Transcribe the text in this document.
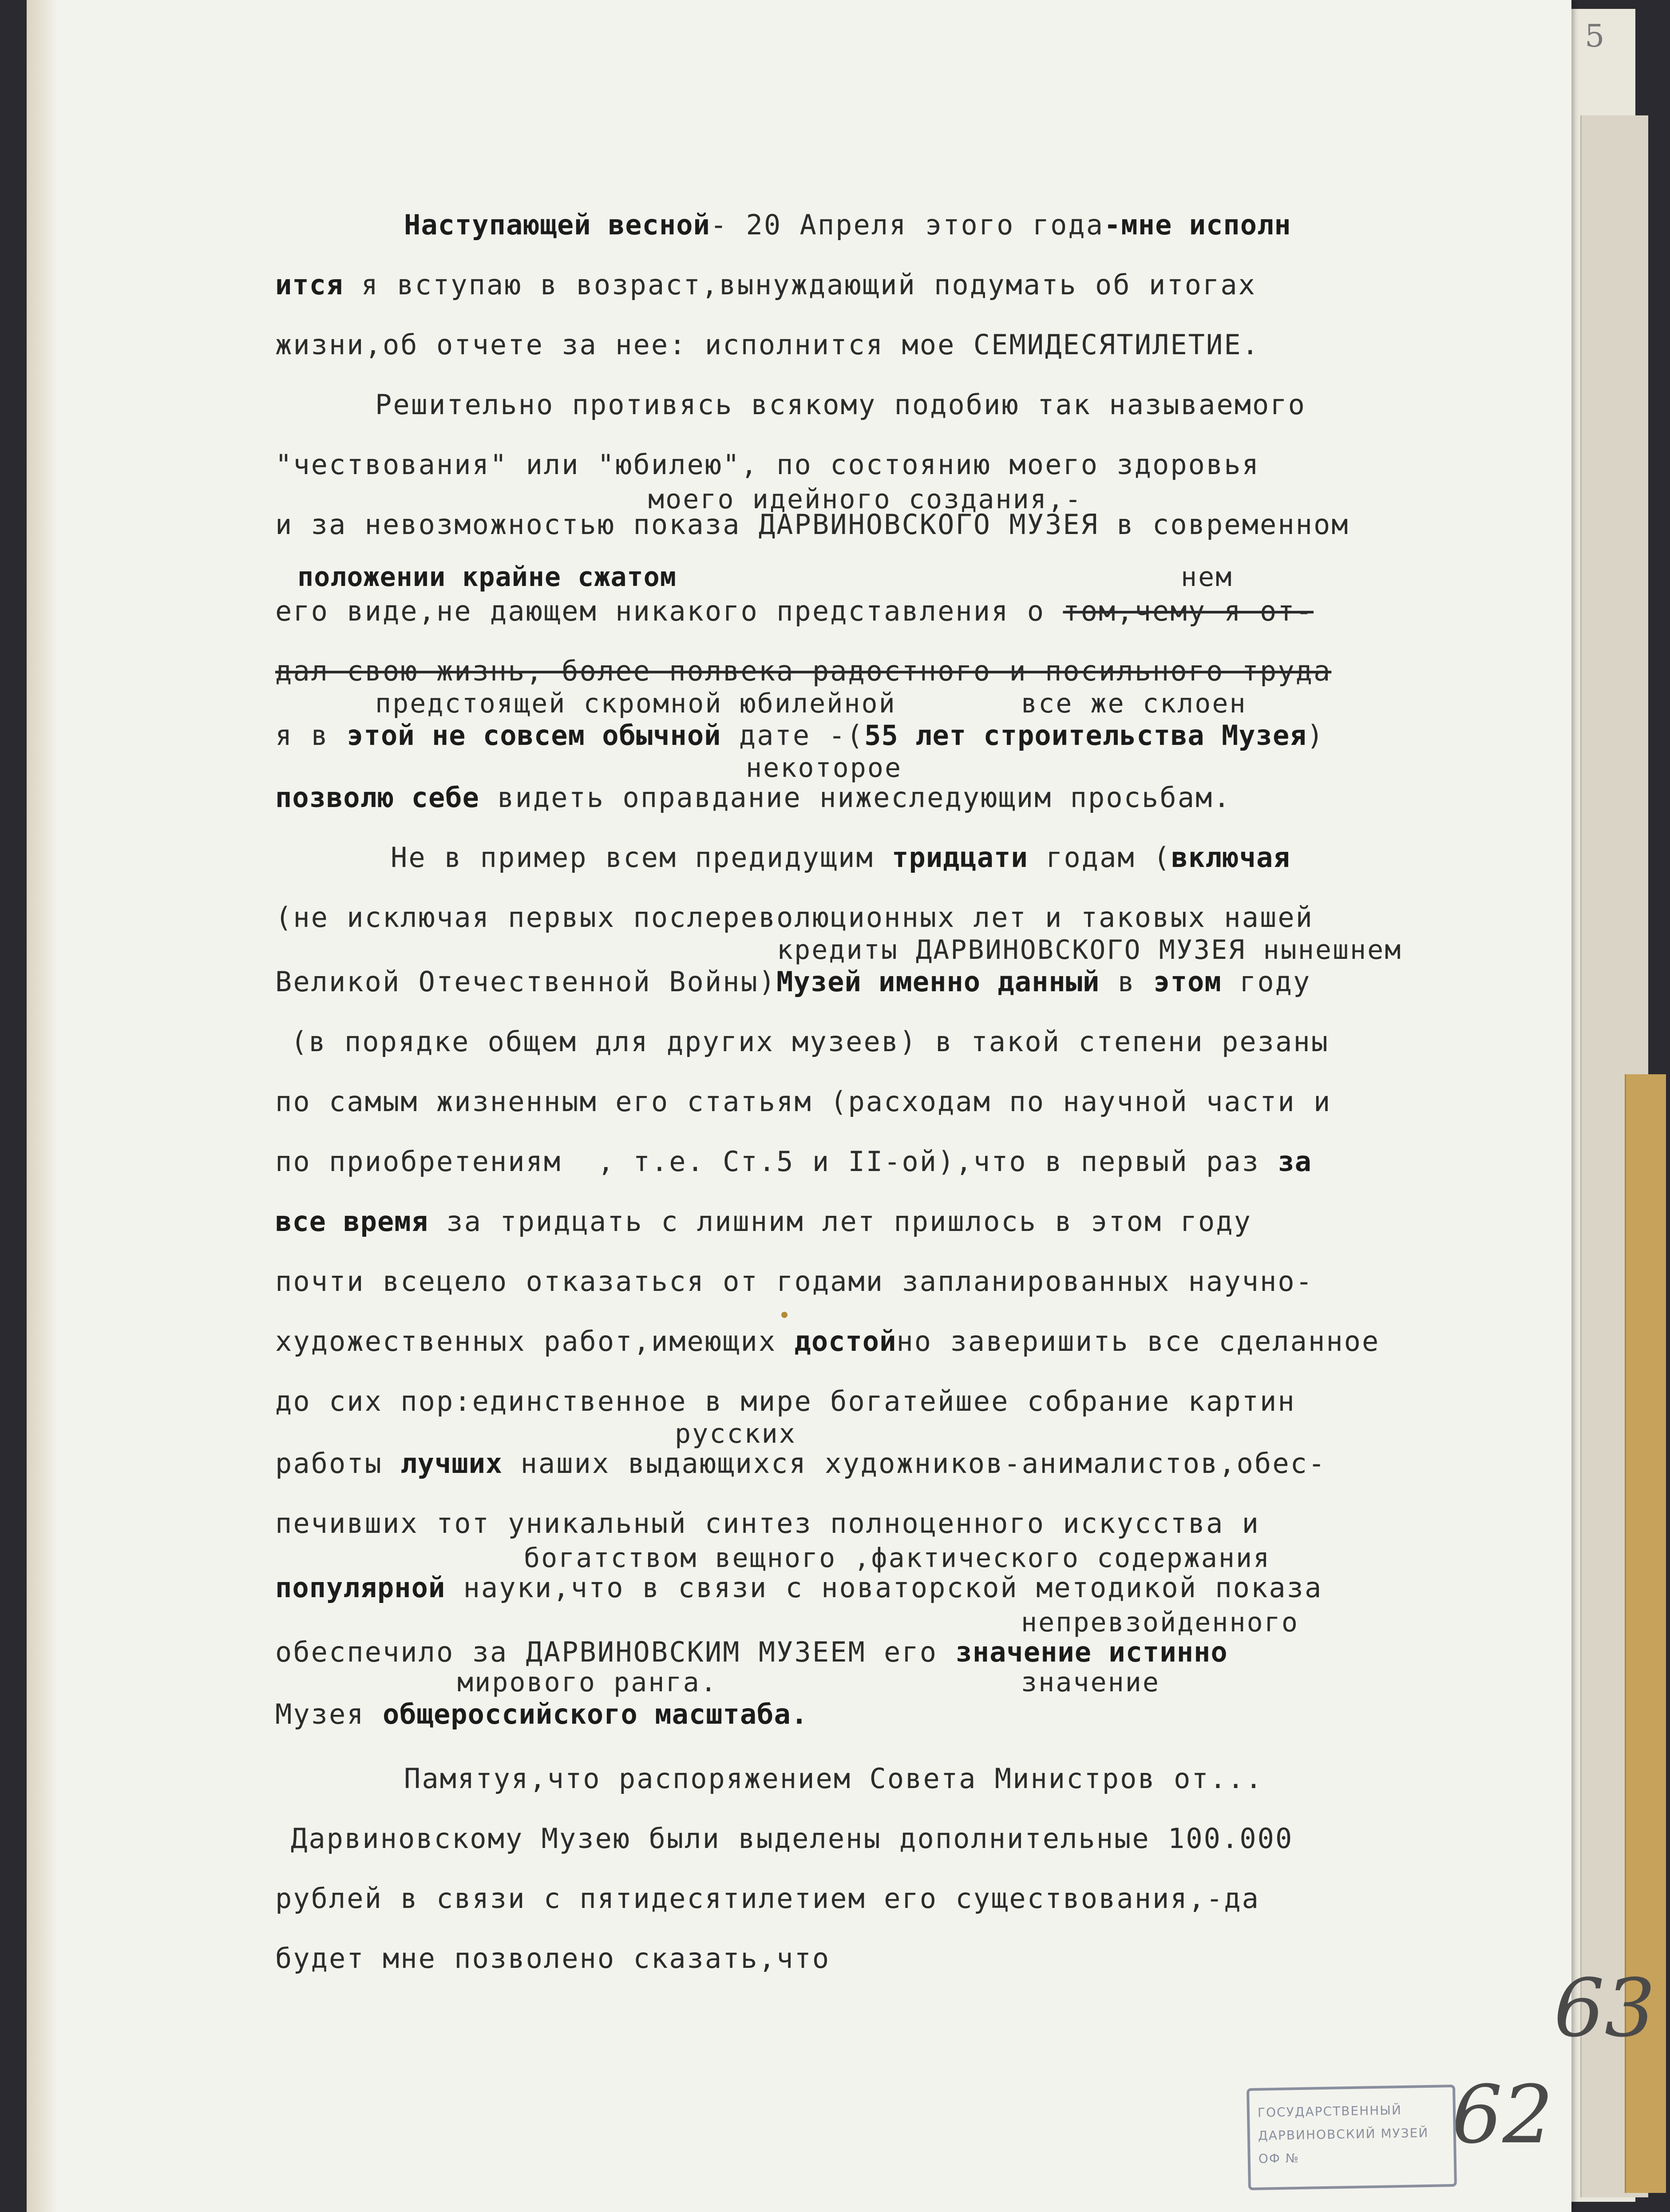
5
Наступающей весной- 20 Апреля этого года-мне исполн
ится я вступаю в возраст,вынуждающий подумать об итогах
жизни,об отчете за нее: исполнится мое СЕМИДЕСЯТИЛЕТИЕ.
Решительно противясь всякому подобию так называемого
"чествования" или "юбилею", по состоянию моего здоровья
моего идейного создания,-
и за невозможностью показа ДАРВИНОВСКОГО МУЗЕЯ в современном
положении крайне сжатом	нем
его виде,не дающем никакого представления о том,чему я от-
дал свою жизнь, более полвека радостного и посильного труда
предстоящей скромной юбилейной	все же склоен
я в этой не совсем обычной дате -(55 лет строительства Музея)
некоторое
позволю себе видеть оправдание нижеследующим просьбам.
Не в пример всем предидущим тридцати годам (включая
(не исключая первых послереволюционных лет и таковых нашей
кредиты ДАРВИНОВСКОГО МУЗЕЯ нынешнем
Великой Отечественной Войны)Музей именно данный в этом году
(в порядке общем для других музеев) в такой степени резаны
по самым жизненным его статьям (расходам по научной части и
по приобретениям  , т.е. Ст.5 и II-ой),что в первый раз за
все время за тридцать с лишним лет пришлось в этом году
почти всецело отказаться от годами запланированных научно-
художественных работ,имеющих достойно заверишить все сделанное
до сих пор:единственное в мире богатейшее собрание картин
русских
работы лучших наших выдающихся художников-анималистов,обес-
печивших тот уникальный синтез полноценного искусства и
богатством вещного ,фактического содержания
популярной науки,что в связи с новаторской методикой показа
непревзойденного
обеспечило за ДАРВИНОВСКИМ МУЗЕЕМ его значение истинно
мирового ранга.	значение
Музея общероссийского масштаба.
Памятуя,что распоряжением Совета Министров от...
Дарвиновскому Музею были выделены дополнительные 100.000
рублей в связи с пятидесятилетием его существования,-да
будет мне позволено сказать,что
63
62
ГОСУДАРСТВЕННЫЙ
ДАРВИНОВСКИЙ МУЗЕЙ
ОФ №
